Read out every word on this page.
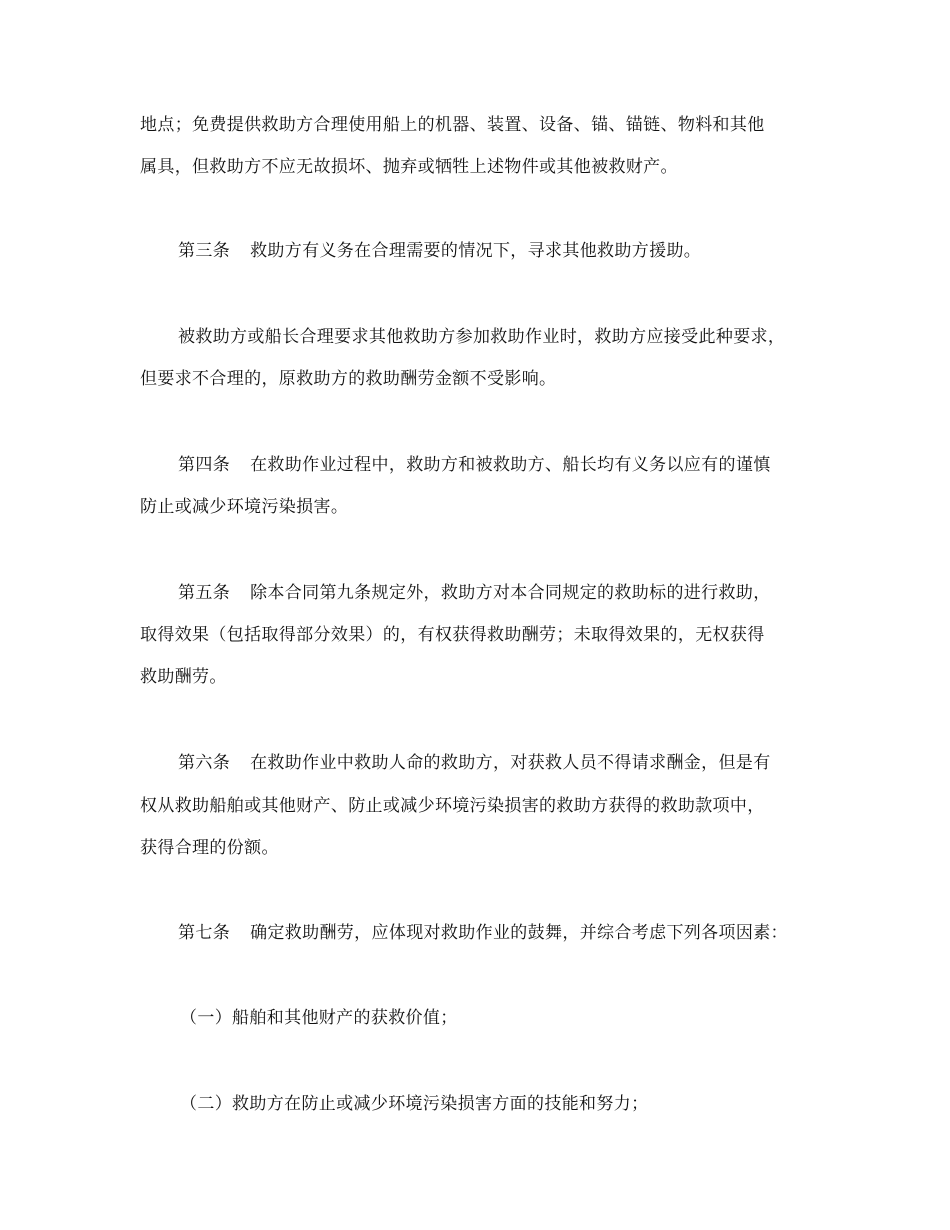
地点；免费提供救助方合理使用船上的机器、装置、设备、锚、锚链、物料和其他
属具，但救助方不应无故损坏、抛弃或牺牲上述物件或其他被救财产。
第三条 救助方有义务在合理需要的情况下，寻求其他救助方援助。
被救助方或船长合理要求其他救助方参加救助作业时，救助方应接受此种要求，
但要求不合理的，原救助方的救助酬劳金额不受影响。
第四条 在救助作业过程中，救助方和被救助方、船长均有义务以应有的谨慎
防止或减少环境污染损害。
第五条 除本合同第九条规定外，救助方对本合同规定的救助标的进行救助，
取得效果（包括取得部分效果）的，有权获得救助酬劳；未取得效果的，无权获得
救助酬劳。
第六条 在救助作业中救助人命的救助方，对获救人员不得请求酬金，但是有
权从救助船舶或其他财产、防止或减少环境污染损害的救助方获得的救助款项中，
获得合理的份额。
第七条 确定救助酬劳，应体现对救助作业的鼓舞，并综合考虑下列各项因素：
（一）船舶和其他财产的获救价值；
（二）救助方在防止或减少环境污染损害方面的技能和努力；
